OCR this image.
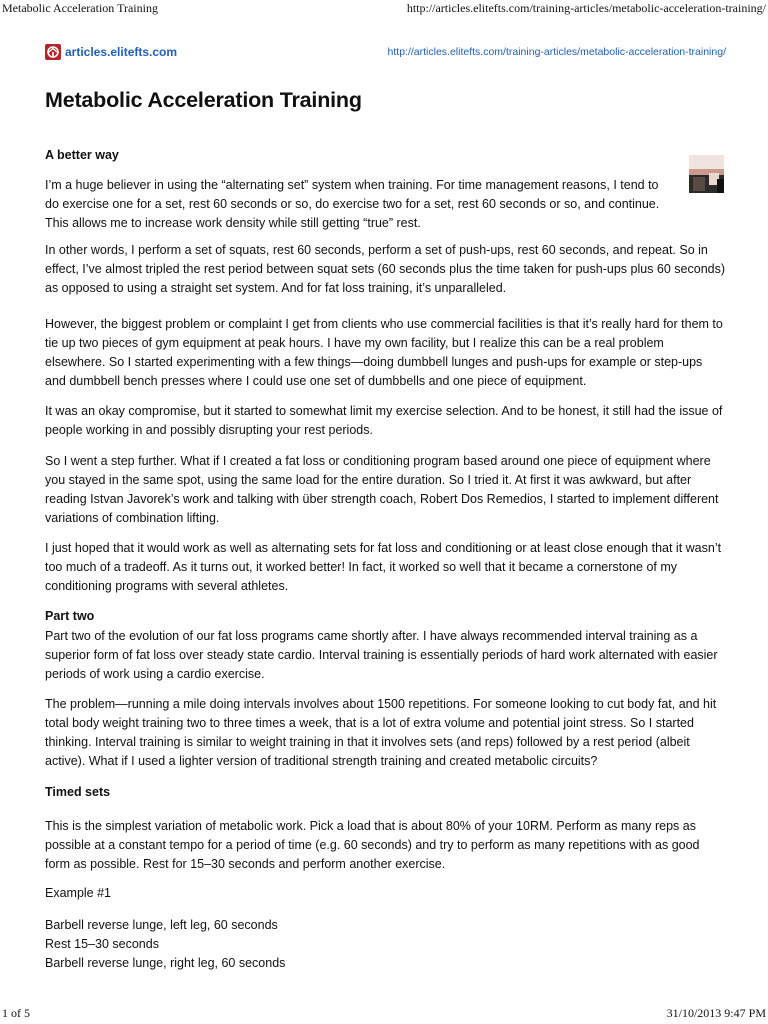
Metabolic Acceleration Training	http://articles.elitefts.com/training-articles/metabolic-acceleration-training/
articles.elitefts.com	http://articles.elitefts.com/training-articles/metabolic-acceleration-training/
Metabolic Acceleration Training

A better way

I’m a huge believer in using the “alternating set” system when training. For time management reasons, I tend to do exercise one for a set, rest 60 seconds or so, do exercise two for a set, rest 60 seconds or so, and continue. This allows me to increase work density while still getting “true” rest.

In other words, I perform a set of squats, rest 60 seconds, perform a set of push-ups, rest 60 seconds, and repeat. So in effect, I’ve almost tripled the rest period between squat sets (60 seconds plus the time taken for push-ups plus 60 seconds) as opposed to using a straight set system. And for fat loss training, it’s unparalleled.

However, the biggest problem or complaint I get from clients who use commercial facilities is that it’s really hard for them to tie up two pieces of gym equipment at peak hours. I have my own facility, but I realize this can be a real problem elsewhere. So I started experimenting with a few things—doing dumbbell lunges and push-ups for example or step-ups and dumbbell bench presses where I could use one set of dumbbells and one piece of equipment.

It was an okay compromise, but it started to somewhat limit my exercise selection. And to be honest, it still had the issue of people working in and possibly disrupting your rest periods.

So I went a step further. What if I created a fat loss or conditioning program based around one piece of equipment where you stayed in the same spot, using the same load for the entire duration. So I tried it. At first it was awkward, but after reading Istvan Javorek’s work and talking with über strength coach, Robert Dos Remedios, I started to implement different variations of combination lifting.

I just hoped that it would work as well as alternating sets for fat loss and conditioning or at least close enough that it wasn’t too much of a tradeoff. As it turns out, it worked better! In fact, it worked so well that it became a cornerstone of my conditioning programs with several athletes.

Part two

Part two of the evolution of our fat loss programs came shortly after. I have always recommended interval training as a superior form of fat loss over steady state cardio. Interval training is essentially periods of hard work alternated with easier periods of work using a cardio exercise.

The problem—running a mile doing intervals involves about 1500 repetitions. For someone looking to cut body fat, and hit total body weight training two to three times a week, that is a lot of extra volume and potential joint stress. So I started thinking. Interval training is similar to weight training in that it involves sets (and reps) followed by a rest period (albeit active). What if I used a lighter version of traditional strength training and created metabolic circuits?

Timed sets

This is the simplest variation of metabolic work. Pick a load that is about 80% of your 10RM. Perform as many reps as possible at a constant tempo for a period of time (e.g. 60 seconds) and try to perform as many repetitions with as good form as possible. Rest for 15–30 seconds and perform another exercise.

Example #1

Barbell reverse lunge, left leg, 60 seconds

Rest 15–30 seconds

Barbell reverse lunge, right leg, 60 seconds

1 of 5	31/10/2013 9:47 PM
